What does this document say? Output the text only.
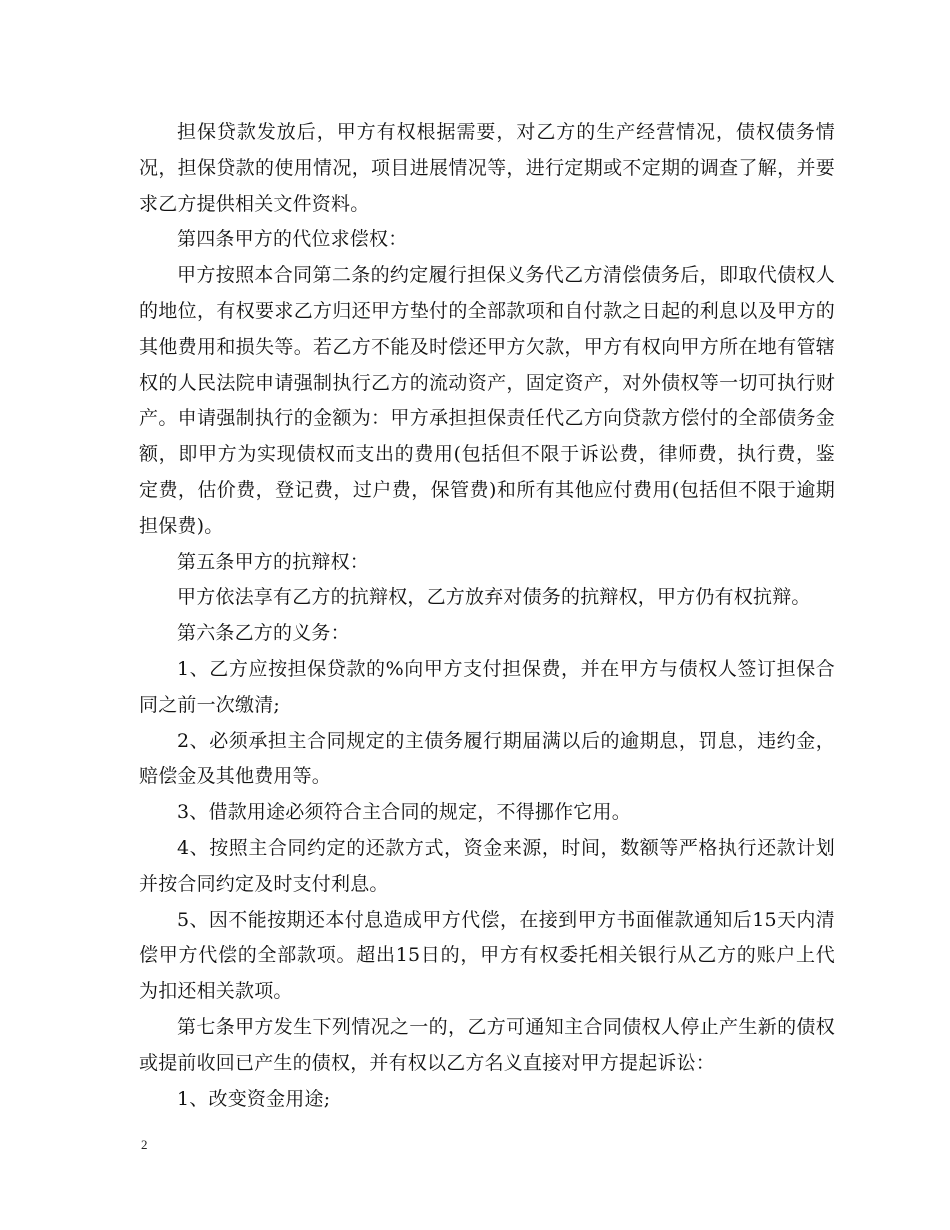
担保贷款发放后，甲方有权根据需要，对乙方的生产经营情况，债权债务情况，担保贷款的使用情况，项目进展情况等，进行定期或不定期的调查了解，并要求乙方提供相关文件资料。

第四条甲方的代位求偿权：

甲方按照本合同第二条的约定履行担保义务代乙方清偿债务后，即取代债权人的地位，有权要求乙方归还甲方垫付的全部款项和自付款之日起的利息以及甲方的其他费用和损失等。若乙方不能及时偿还甲方欠款，甲方有权向甲方所在地有管辖权的人民法院申请强制执行乙方的流动资产，固定资产，对外债权等一切可执行财产。申请强制执行的金额为：甲方承担担保责任代乙方向贷款方偿付的全部债务金额，即甲方为实现债权而支出的费用(包括但不限于诉讼费，律师费，执行费，鉴定费，估价费，登记费，过户费，保管费)和所有其他应付费用(包括但不限于逾期担保费)。

第五条甲方的抗辩权：

甲方依法享有乙方的抗辩权，乙方放弃对债务的抗辩权，甲方仍有权抗辩。

第六条乙方的义务：

1、乙方应按担保贷款的%向甲方支付担保费，并在甲方与债权人签订担保合同之前一次缴清;

2、必须承担主合同规定的主债务履行期届满以后的逾期息，罚息，违约金，赔偿金及其他费用等。

3、借款用途必须符合主合同的规定，不得挪作它用。

4、按照主合同约定的还款方式，资金来源，时间，数额等严格执行还款计划并按合同约定及时支付利息。

5、因不能按期还本付息造成甲方代偿，在接到甲方书面催款通知后15天内清偿甲方代偿的全部款项。超出15日的，甲方有权委托相关银行从乙方的账户上代为扣还相关款项。

第七条甲方发生下列情况之一的，乙方可通知主合同债权人停止产生新的债权或提前收回已产生的债权，并有权以乙方名义直接对甲方提起诉讼：

1、改变资金用途;

2
